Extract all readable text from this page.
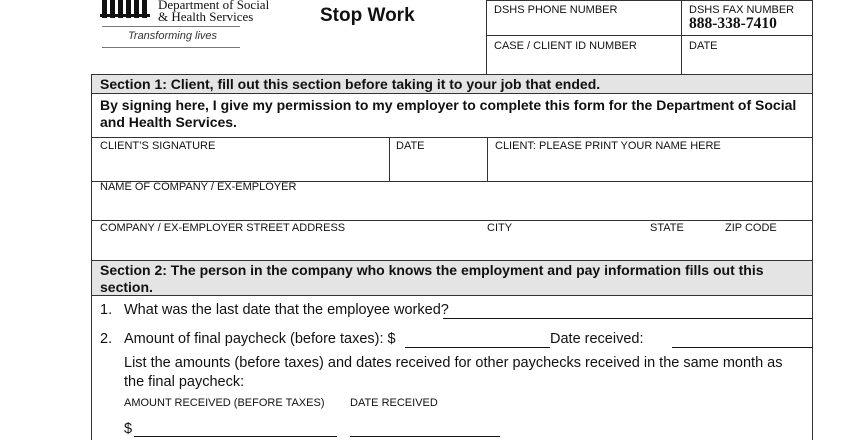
Department of Social
& Health Services
Transforming lives
Stop Work	DSHS PHONE NUMBER	DSHS FAX NUMBER
888-338-7410
CASE / CLIENT ID NUMBER	DATE
Section 1: Client, fill out this section before taking it to your job that ended.
By signing here, I give my permission to my employer to complete this form for the Department of Social and Health Services.
CLIENT’S SIGNATURE	DATE	CLIENT: PLEASE PRINT YOUR NAME HERE
NAME OF COMPANY / EX-EMPLOYER
COMPANY / EX-EMPLOYER STREET ADDRESS	CITY	STATE	ZIP CODE
Section 2: The person in the company who knows the employment and pay information fills out this section.
1. What was the last date that the employee worked?
2. Amount of final paycheck (before taxes): $	Date received:
List the amounts (before taxes) and dates received for other paychecks received in the same month as the final paycheck:
AMOUNT RECEIVED (BEFORE TAXES) DATE RECEIVED
$
